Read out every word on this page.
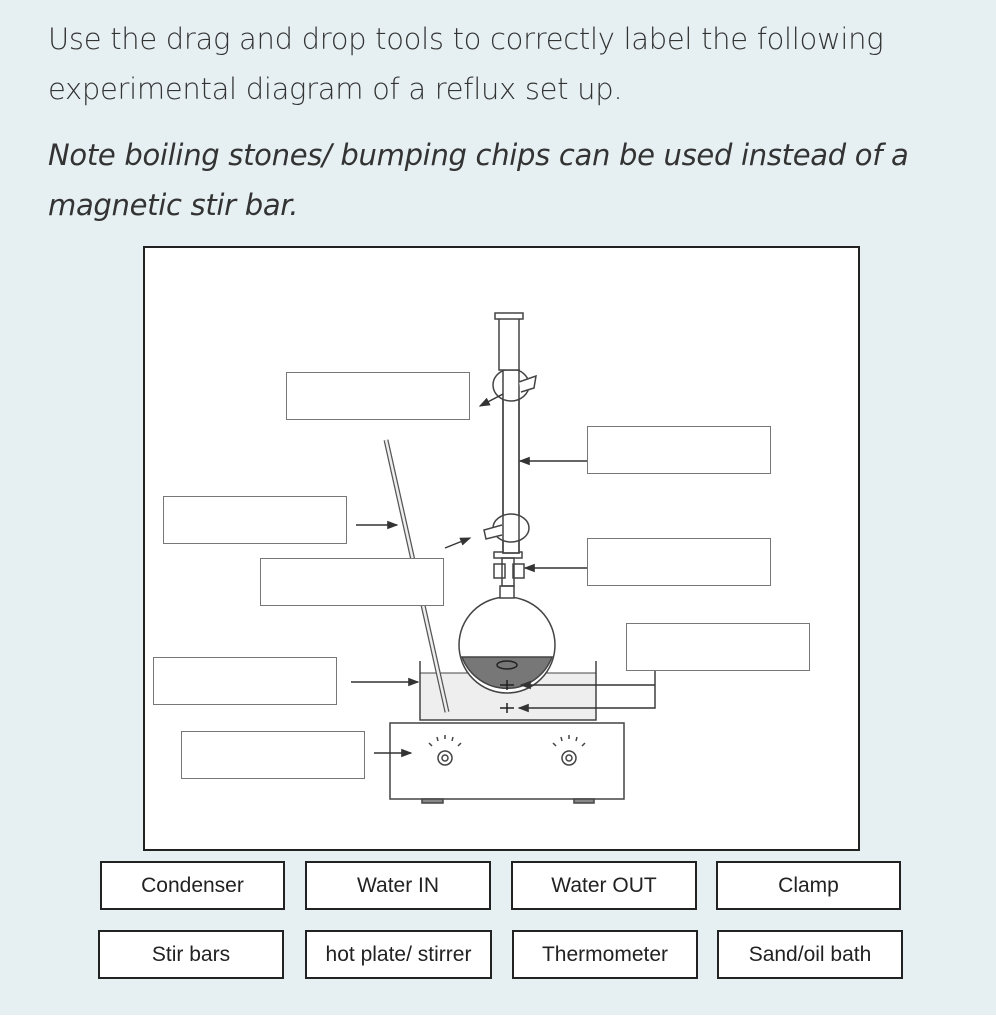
Use the drag and drop tools to correctly label the following
experimental diagram of a reflux set up.
Note boiling stones/ bumping chips can be used instead of a
magnetic stir bar.
Condenser	Water IN	Water OUT	Clamp
Stir bars	hot plate/ stirrer	Thermometer	Sand/oil bath
